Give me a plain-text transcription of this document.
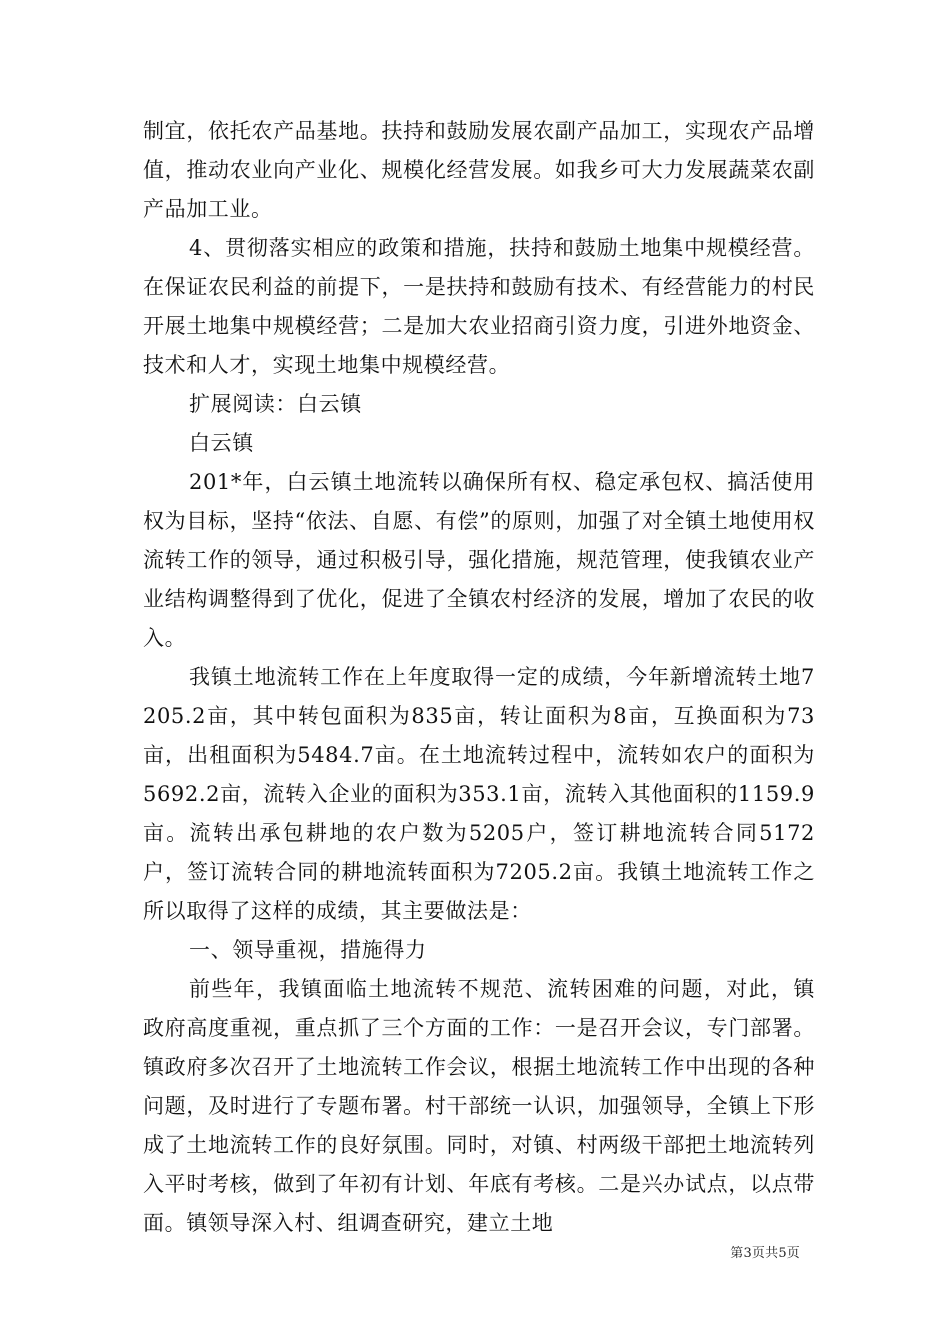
制宜，依托农产品基地。扶持和鼓励发展农副产品加工，实现农产品增值，推动农业向产业化、规模化经营发展。如我乡可大力发展蔬菜农副产品加工业。

4、贯彻落实相应的政策和措施，扶持和鼓励土地集中规模经营。在保证农民利益的前提下，一是扶持和鼓励有技术、有经营能力的村民开展土地集中规模经营；二是加大农业招商引资力度，引进外地资金、技术和人才，实现土地集中规模经营。

扩展阅读：白云镇

白云镇

201*年，白云镇土地流转以确保所有权、稳定承包权、搞活使用权为目标，坚持“依法、自愿、有偿”的原则，加强了对全镇土地使用权流转工作的领导，通过积极引导，强化措施，规范管理，使我镇农业产业结构调整得到了优化，促进了全镇农村经济的发展，增加了农民的收入。

我镇土地流转工作在上年度取得一定的成绩，今年新增流转土地7205.2亩，其中转包面积为835亩，转让面积为8亩，互换面积为73亩，出租面积为5484.7亩。在土地流转过程中，流转如农户的面积为5692.2亩，流转入企业的面积为353.1亩，流转入其他面积的1159.9亩。流转出承包耕地的农户数为5205户，签订耕地流转合同5172户，签订流转合同的耕地流转面积为7205.2亩。我镇土地流转工作之所以取得了这样的成绩，其主要做法是：

一、领导重视，措施得力

前些年，我镇面临土地流转不规范、流转困难的问题，对此，镇政府高度重视，重点抓了三个方面的工作：一是召开会议，专门部署。镇政府多次召开了土地流转工作会议，根据土地流转工作中出现的各种问题，及时进行了专题布署。村干部统一认识，加强领导，全镇上下形成了土地流转工作的良好氛围。同时，对镇、村两级干部把土地流转列入平时考核，做到了年初有计划、年底有考核。二是兴办试点，以点带面。镇领导深入村、组调查研究，建立土地

第3页共5页
